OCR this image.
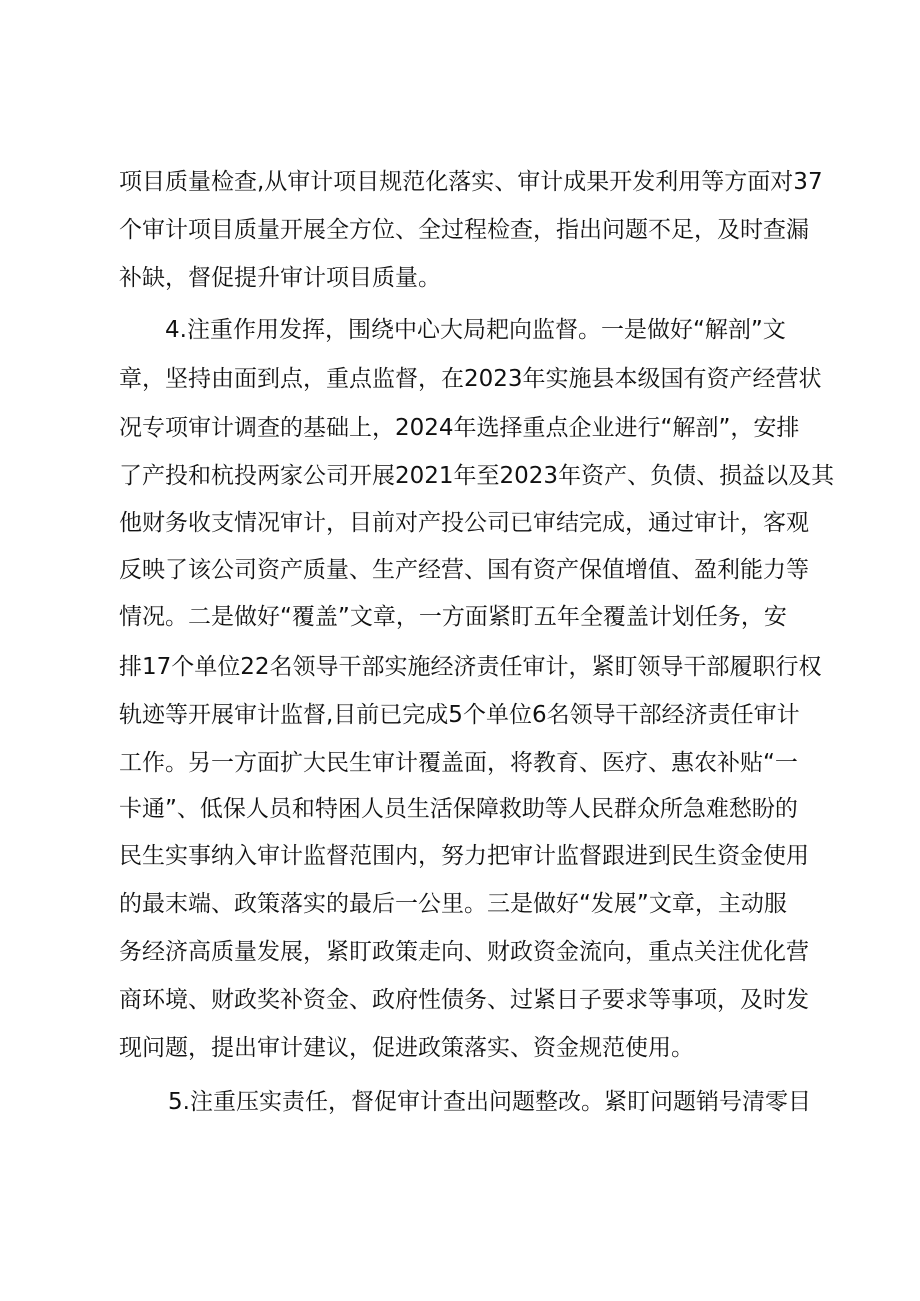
项目质量检查,从审计项目规范化落实、审计成果开发利用等方面对37
个审计项目质量开展全方位、全过程检查，指出问题不足，及时查漏
补缺，督促提升审计项目质量。
4.注重作用发挥，围绕中心大局耙向监督。一是做好“解剖”文
章，坚持由面到点，重点监督，在2023年实施县本级国有资产经营状
况专项审计调查的基础上，2024年选择重点企业进行“解剖”，安排
了产投和杭投两家公司开展2021年至2023年资产、负债、损益以及其
他财务收支情况审计，目前对产投公司已审结完成，通过审计，客观
反映了该公司资产质量、生产经营、国有资产保值增值、盈利能力等
情况。二是做好“覆盖”文章，一方面紧盯五年全覆盖计划任务，安
排17个单位22名领导干部实施经济责任审计，紧盯领导干部履职行权
轨迹等开展审计监督,目前已完成5个单位6名领导干部经济责任审计
工作。另一方面扩大民生审计覆盖面，将教育、医疗、惠农补贴“一
卡通”、低保人员和特困人员生活保障救助等人民群众所急难愁盼的
民生实事纳入审计监督范围内，努力把审计监督跟进到民生资金使用
的最末端、政策落实的最后一公里。三是做好“发展”文章，主动服
务经济高质量发展，紧盯政策走向、财政资金流向，重点关注优化营
商环境、财政奖补资金、政府性债务、过紧日子要求等事项，及时发
现问题，提出审计建议，促进政策落实、资金规范使用。
5.注重压实责任，督促审计查出问题整改。紧盯问题销号清零目
